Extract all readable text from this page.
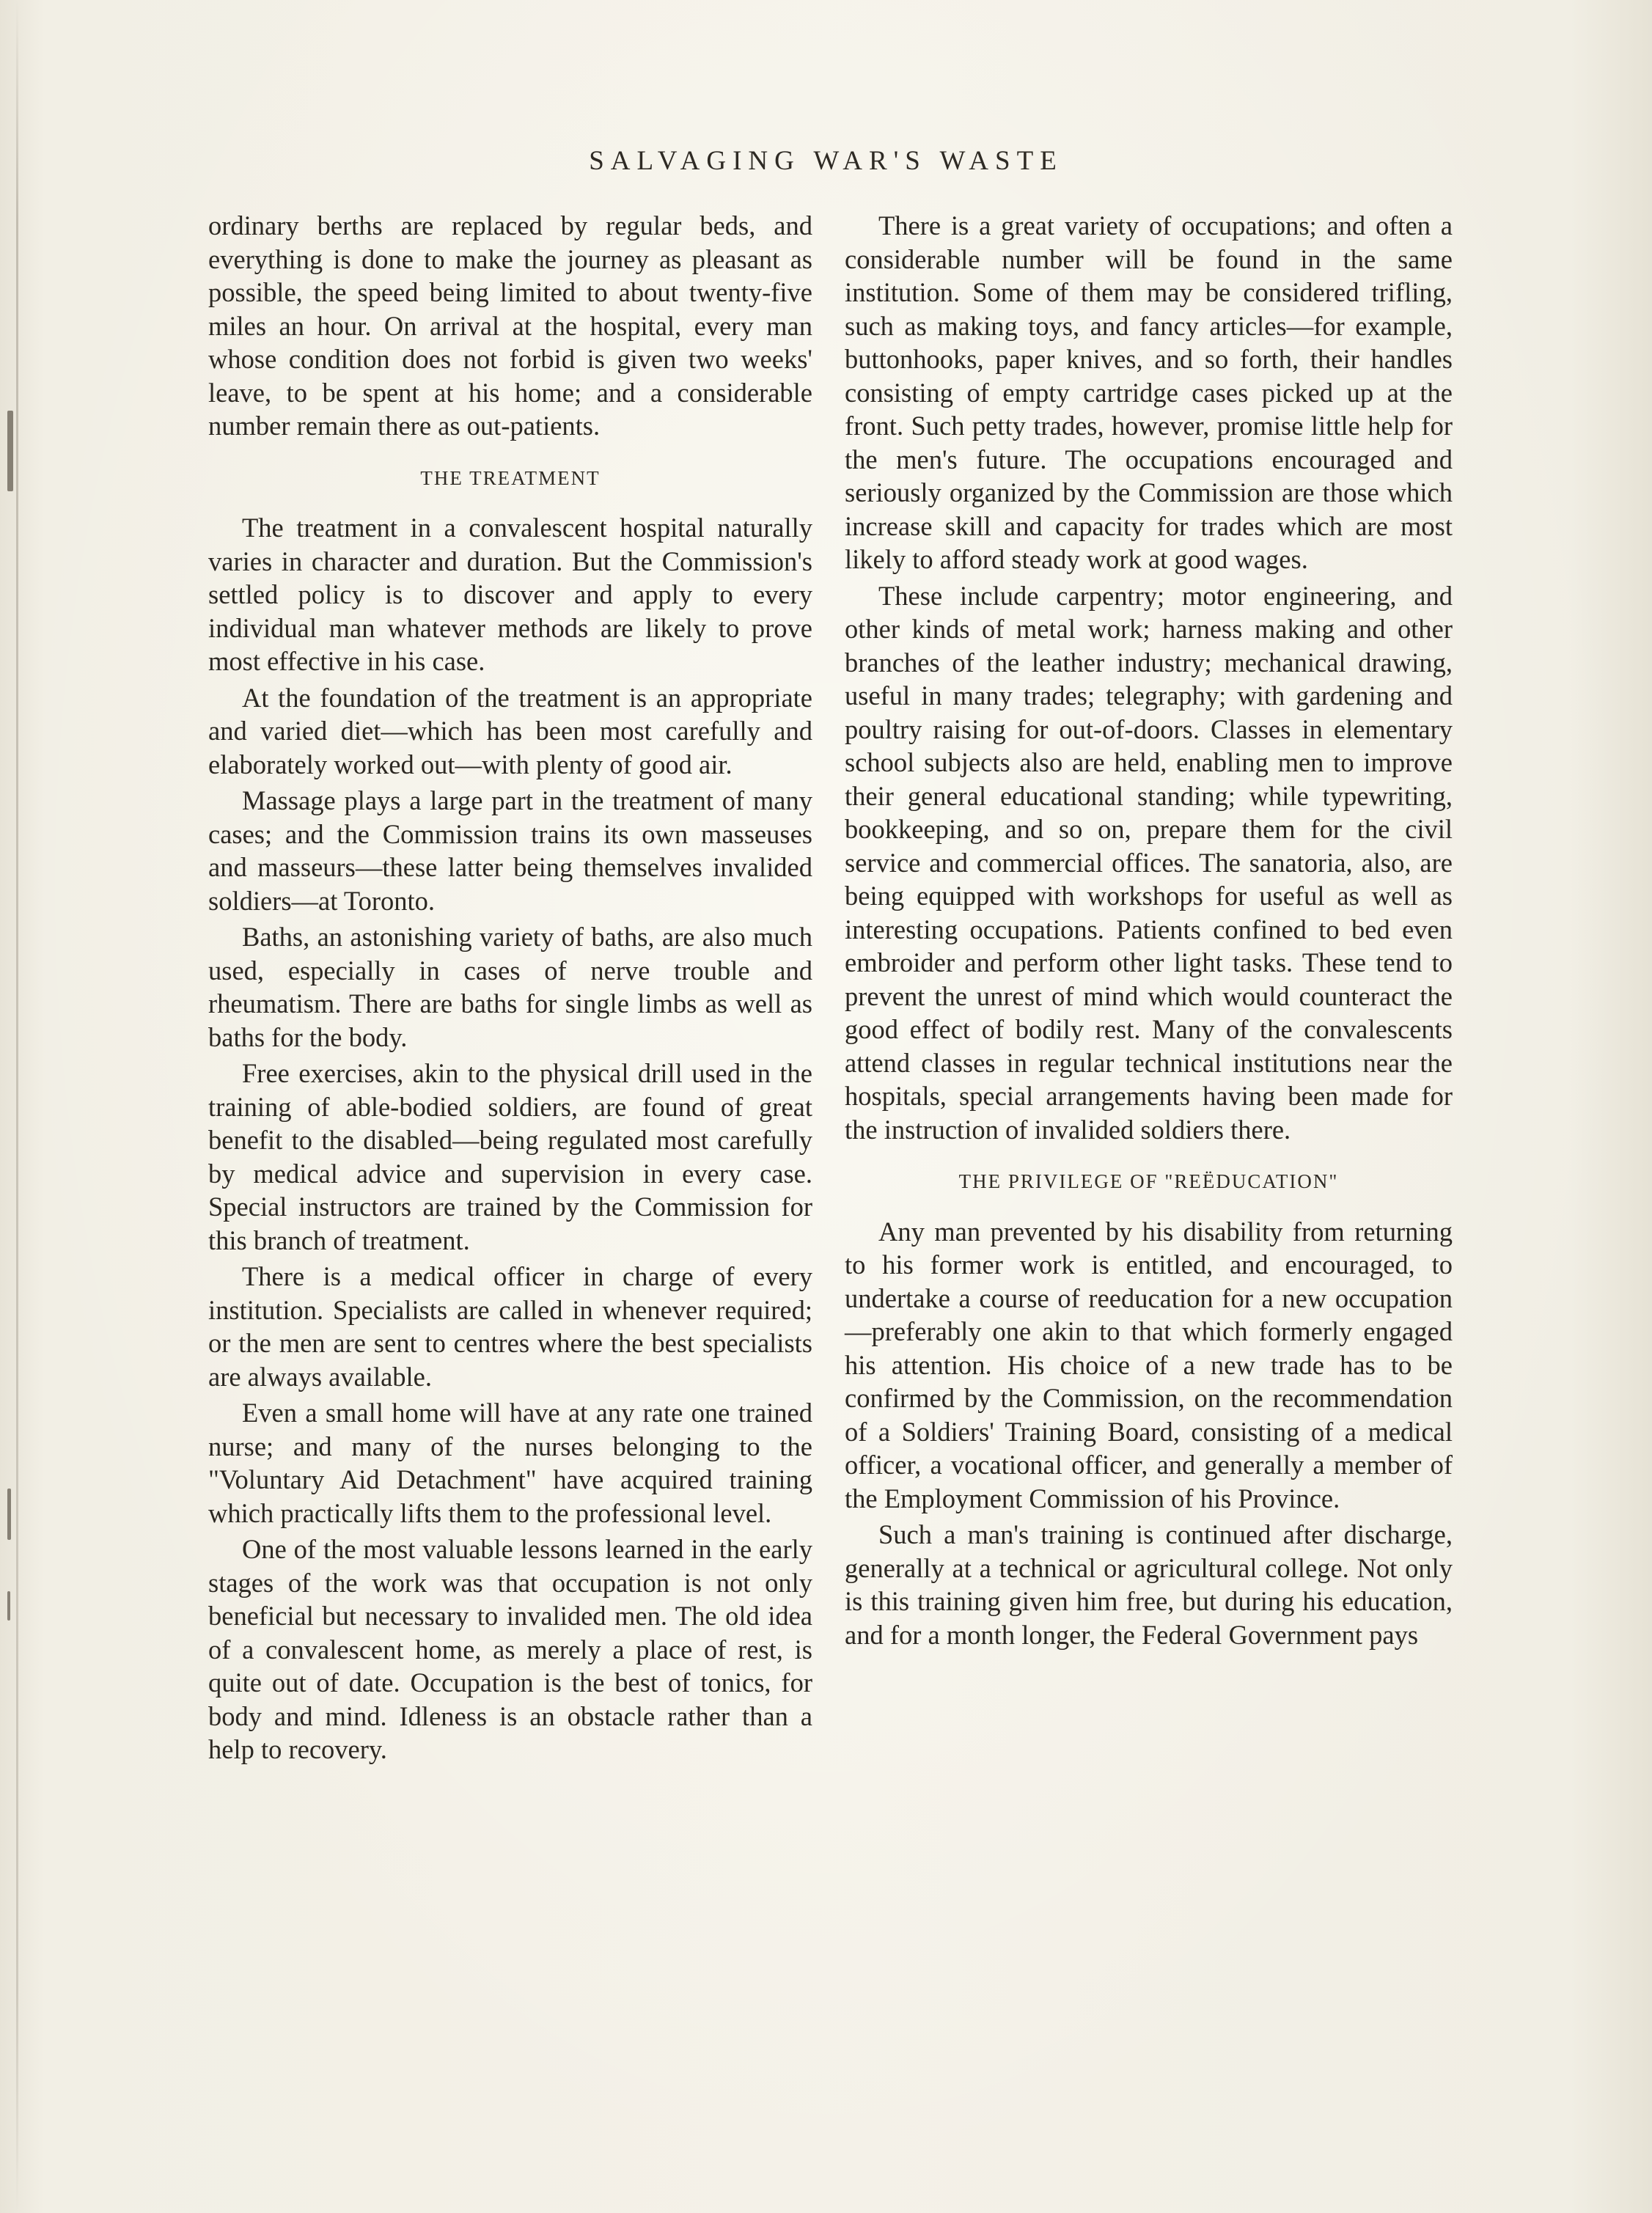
SALVAGING WAR'S WASTE

ordinary berths are replaced by regular beds, and everything is done to make the journey as pleasant as possible, the speed being limited to about twenty-five miles an hour. On arrival at the hospital, every man whose condition does not forbid is given two weeks' leave, to be spent at his home; and a considerable number remain there as out-patients.

THE TREATMENT

The treatment in a convalescent hospital naturally varies in character and duration. But the Commission's settled policy is to discover and apply to every individual man whatever methods are likely to prove most effective in his case.

At the foundation of the treatment is an appropriate and varied diet—which has been most carefully and elaborately worked out—with plenty of good air.

Massage plays a large part in the treatment of many cases; and the Commission trains its own masseuses and masseurs—these latter being themselves invalided soldiers—at Toronto.

Baths, an astonishing variety of baths, are also much used, especially in cases of nerve trouble and rheumatism. There are baths for single limbs as well as baths for the body.

Free exercises, akin to the physical drill used in the training of able-bodied soldiers, are found of great benefit to the disabled—being regulated most carefully by medical advice and supervision in every case. Special instructors are trained by the Commission for this branch of treatment.

There is a medical officer in charge of every institution. Specialists are called in whenever required; or the men are sent to centres where the best specialists are always available.

Even a small home will have at any rate one trained nurse; and many of the nurses belonging to the "Voluntary Aid Detachment" have acquired training which practically lifts them to the professional level.

One of the most valuable lessons learned in the early stages of the work was that occupation is not only beneficial but necessary to invalided men. The old idea of a convalescent home, as merely a place of rest, is quite out of date. Occupation is the best of tonics, for body and mind. Idleness is an obstacle rather than a help to recovery.

There is a great variety of occupations; and often a considerable number will be found in the same institution. Some of them may be considered trifling, such as making toys, and fancy articles—for example, buttonhooks, paper knives, and so forth, their handles consisting of empty cartridge cases picked up at the front. Such petty trades, however, promise little help for the men's future. The occupations encouraged and seriously organized by the Commission are those which increase skill and capacity for trades which are most likely to afford steady work at good wages.

These include carpentry; motor engineering, and other kinds of metal work; harness making and other branches of the leather industry; mechanical drawing, useful in many trades; telegraphy; with gardening and poultry raising for out-of-doors. Classes in elementary school subjects also are held, enabling men to improve their general educational standing; while typewriting, bookkeeping, and so on, prepare them for the civil service and commercial offices. The sanatoria, also, are being equipped with workshops for useful as well as interesting occupations. Patients confined to bed even embroider and perform other light tasks. These tend to prevent the unrest of mind which would counteract the good effect of bodily rest. Many of the convalescents attend classes in regular technical institutions near the hospitals, special arrangements having been made for the instruction of invalided soldiers there.

THE PRIVILEGE OF "REËDUCATION"

Any man prevented by his disability from returning to his former work is entitled, and encouraged, to undertake a course of reeducation for a new occupation—preferably one akin to that which formerly engaged his attention. His choice of a new trade has to be confirmed by the Commission, on the recommendation of a Soldiers' Training Board, consisting of a medical officer, a vocational officer, and generally a member of the Employment Commission of his Province.

Such a man's training is continued after discharge, generally at a technical or agricultural college. Not only is this training given him free, but during his education, and for a month longer, the Federal Government pays
